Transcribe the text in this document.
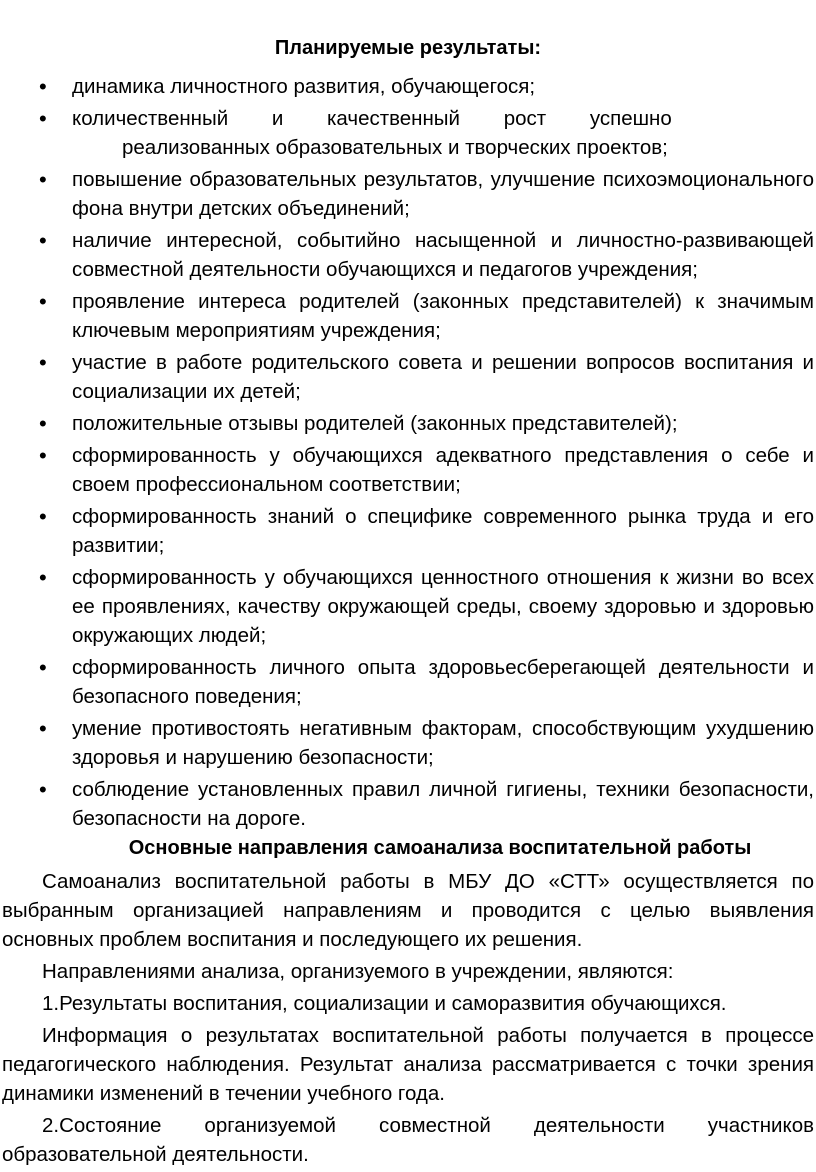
Планируемые результаты:
• динамика личностного развития, обучающегося;
• количественный и качественный рост успешно
реализованных образовательных и творческих проектов;
• повышение образовательных результатов, улучшение психоэмоционального фона внутри детских объединений;
• наличие интересной, событийно насыщенной и личностно-развивающей совместной деятельности обучающихся и педагогов учреждения;
• проявление интереса родителей (законных представителей) к значимым ключевым мероприятиям учреждения;
• участие в работе родительского совета и решении вопросов воспитания и социализации их детей;
• положительные отзывы родителей (законных представителей);
• сформированность у обучающихся адекватного представления о себе и своем профессиональном соответствии;
• сформированность знаний о специфике современного рынка труда и его развитии;
• сформированность у обучающихся ценностного отношения к жизни во всех ее проявлениях, качеству окружающей среды, своему здоровью и здоровью окружающих людей;
• сформированность личного опыта здоровьесберегающей деятельности и безопасного поведения;
• умение противостоять негативным факторам, способствующим ухудшению здоровья и нарушению безопасности;
• соблюдение установленных правил личной гигиены, техники безопасности, безопасности на дороге.
Основные направления самоанализа воспитательной работы

Самоанализ воспитательной работы в МБУ ДО «СТТ» осуществляется по выбранным организацией направлениям и проводится с целью выявления основных проблем воспитания и последующего их решения.

Направлениями анализа, организуемого в учреждении, являются:

1.Результаты воспитания, социализации и саморазвития обучающихся.

Информация о результатах воспитательной работы получается в процессе педагогического наблюдения. Результат анализа рассматривается с точки зрения динамики изменений в течении учебного года.

2.Состояние организуемой совместной деятельности участников образовательной деятельности.
